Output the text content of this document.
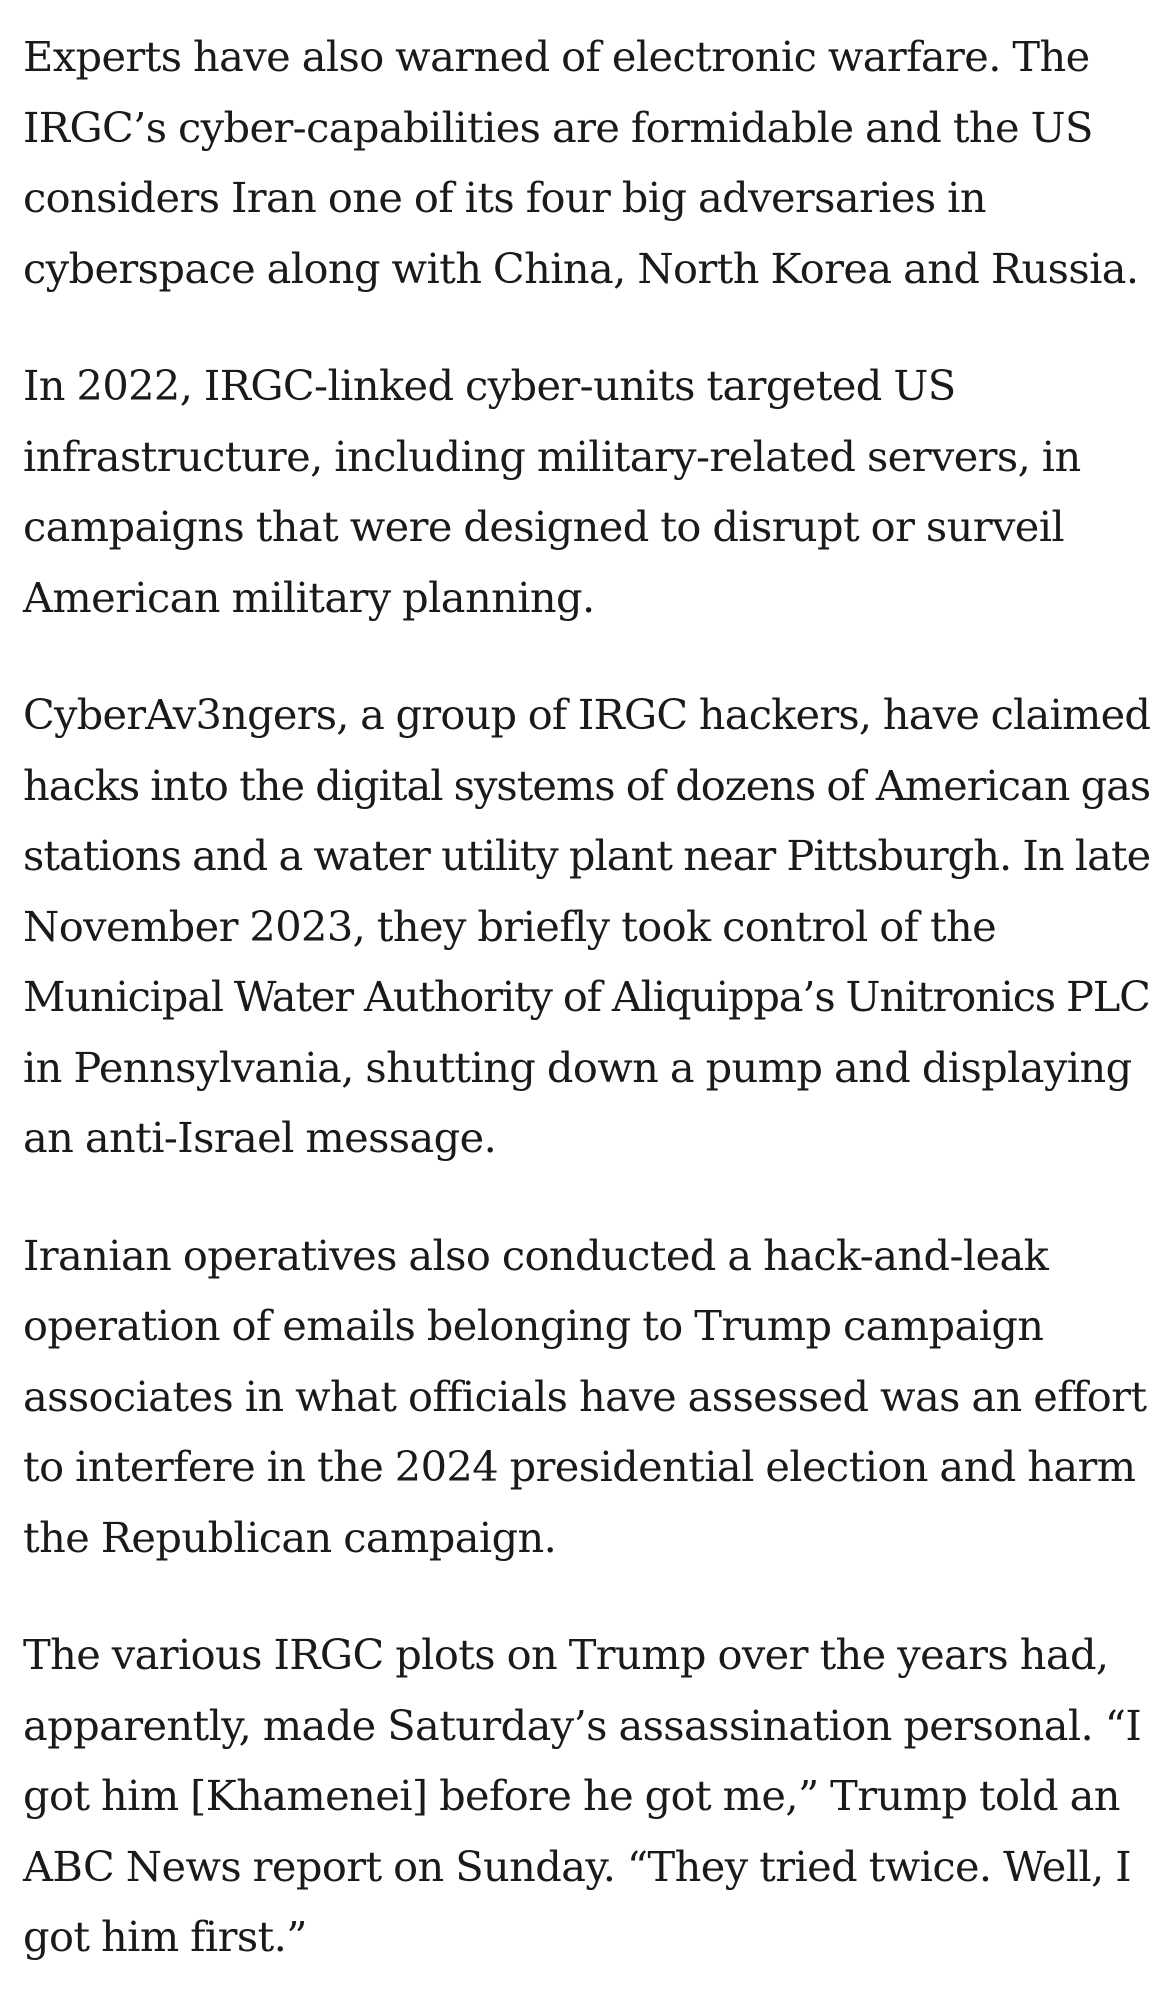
Experts have also warned of electronic warfare. The
IRGC’s cyber-capabilities are formidable and the US
considers Iran one of its four big adversaries in
cyberspace along with China, North Korea and Russia.

In 2022, IRGC-linked cyber-units targeted US
infrastructure, including military-related servers, in
campaigns that were designed to disrupt or surveil
American military planning.

CyberAv3ngers, a group of IRGC hackers, have claimed
hacks into the digital systems of dozens of American gas
stations and a water utility plant near Pittsburgh. In late
November 2023, they briefly took control of the
Municipal Water Authority of Aliquippa’s Unitronics PLC
in Pennsylvania, shutting down a pump and displaying
an anti-Israel message.

Iranian operatives also conducted a hack-and-leak
operation of emails belonging to Trump campaign
associates in what officials have assessed was an effort
to interfere in the 2024 presidential election and harm
the Republican campaign.

The various IRGC plots on Trump over the years had,
apparently, made Saturday’s assassination personal. “I
got him [Khamenei] before he got me,” Trump told an
ABC News report on Sunday. “They tried twice. Well, I
got him first.”
